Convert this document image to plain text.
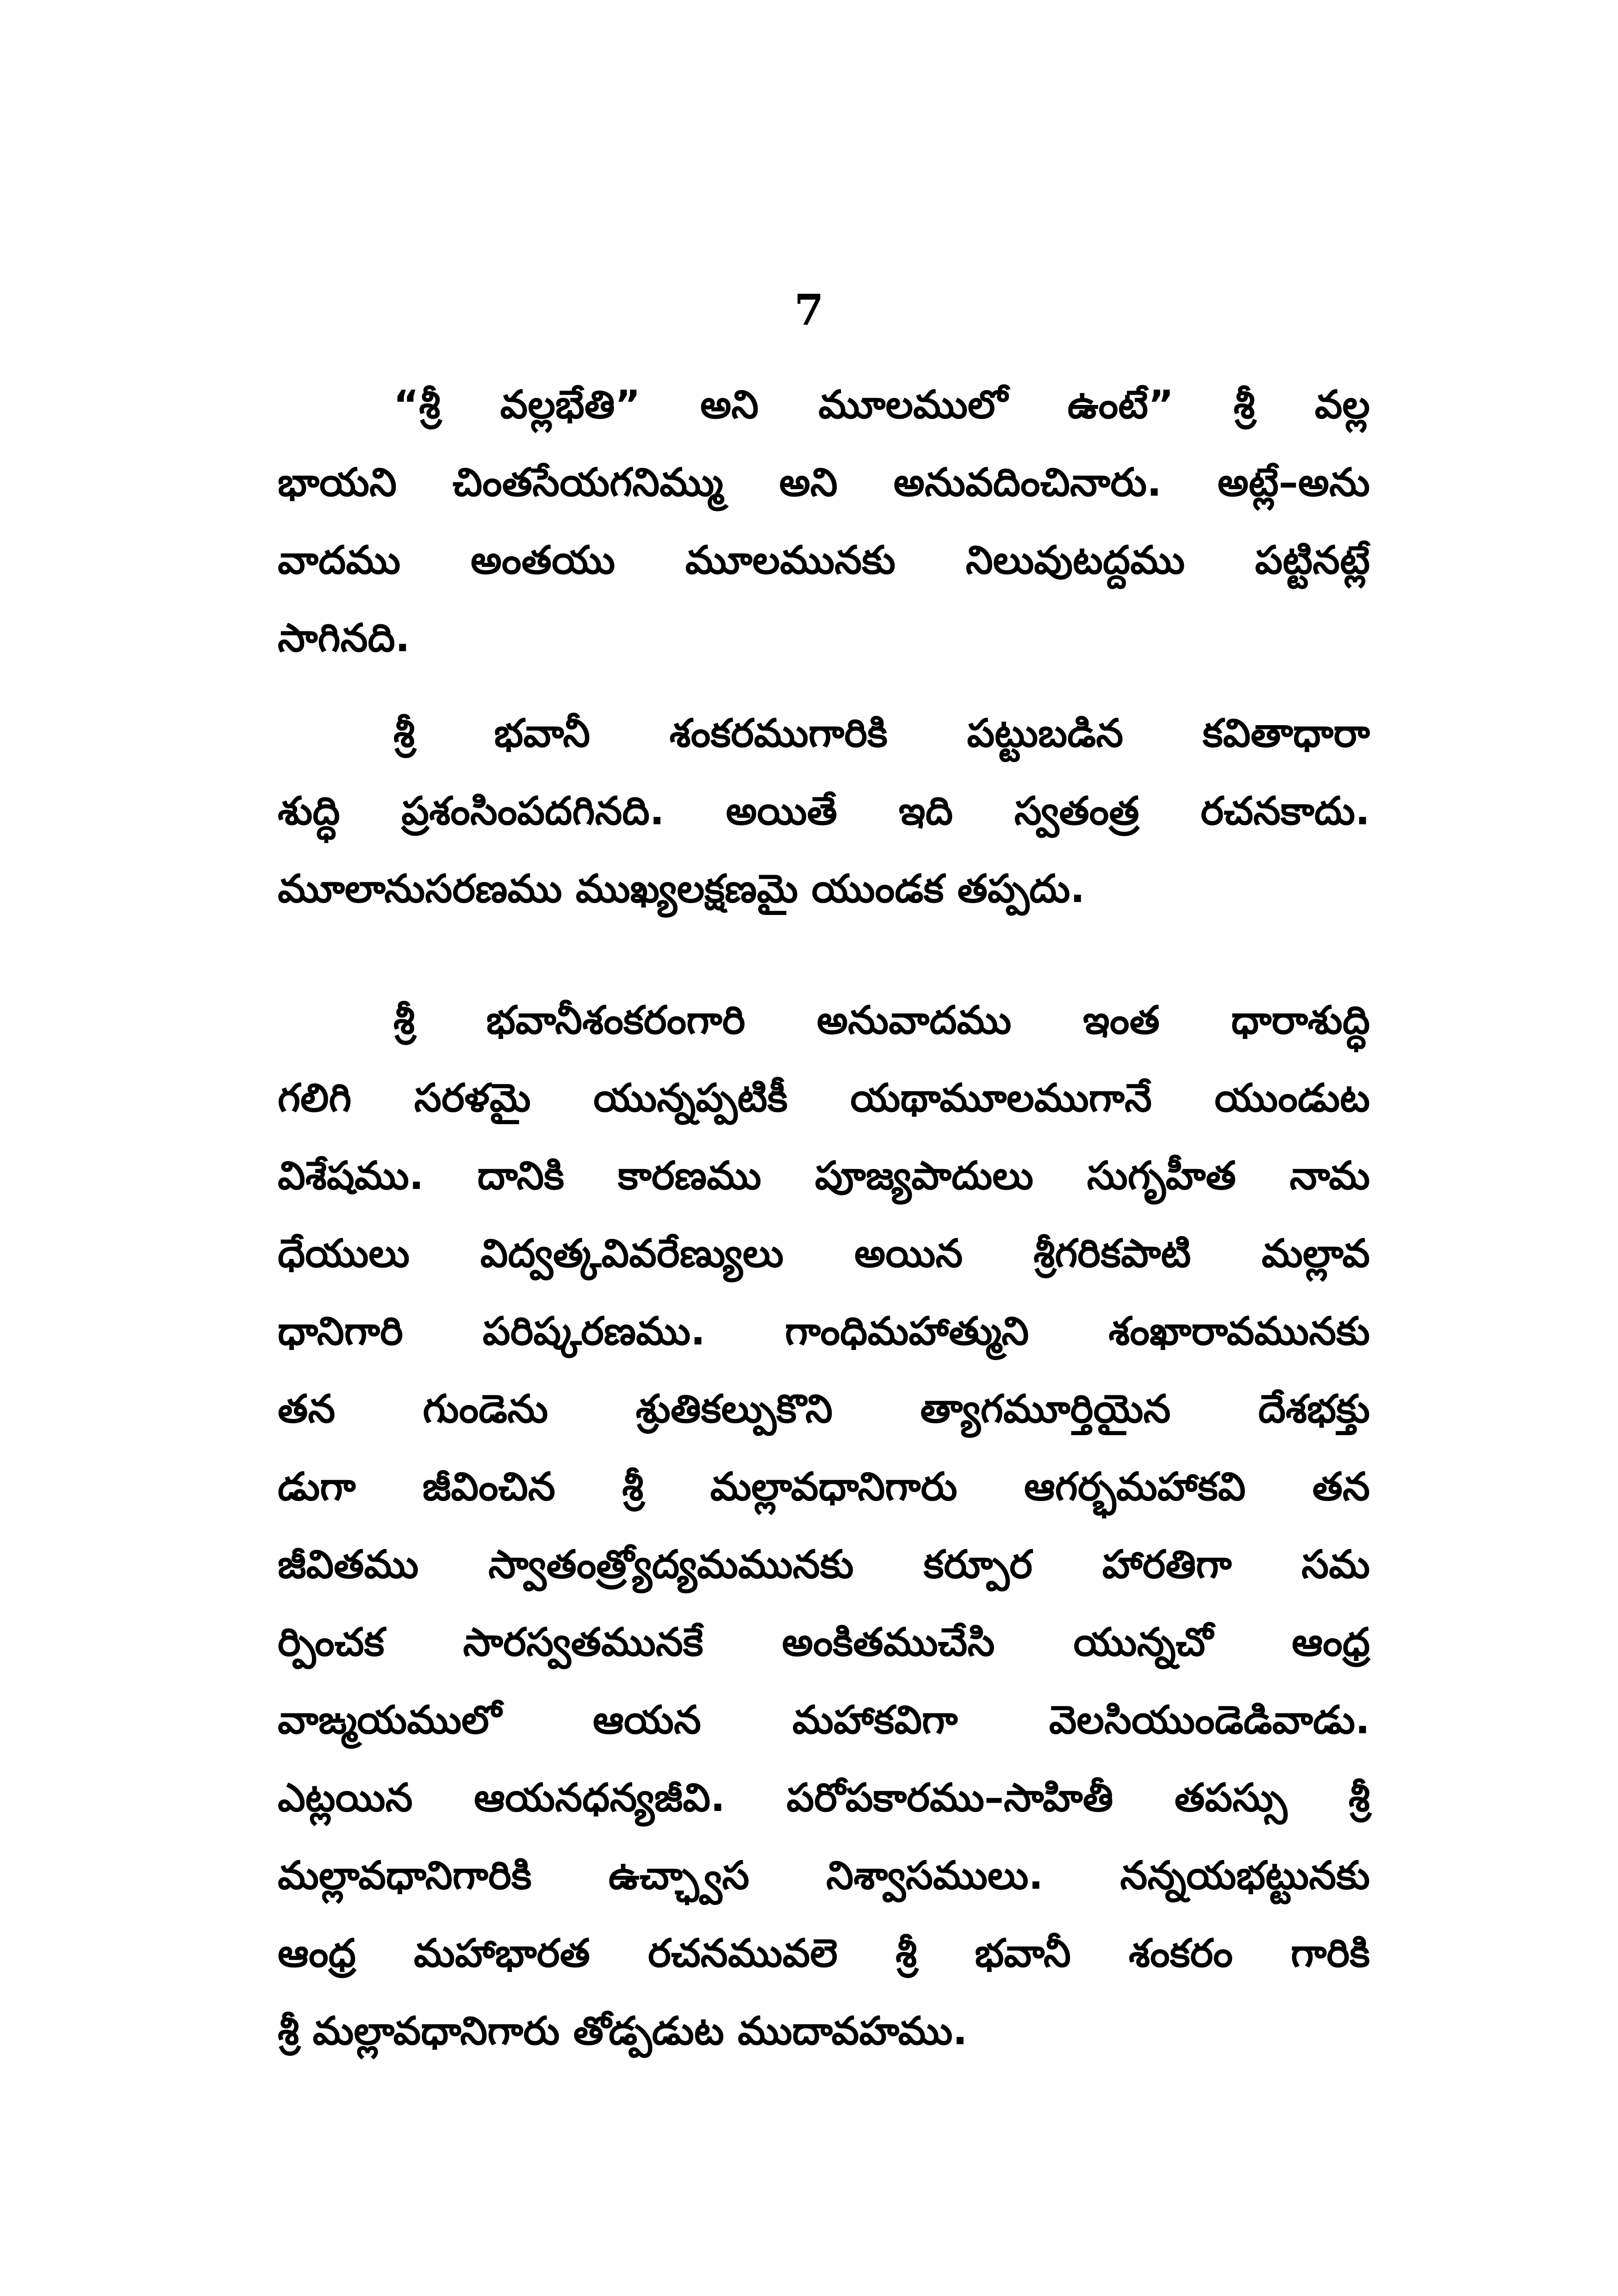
7
“శ్రీ వల్లభేతి” అని మూలములో ఉంటే” శ్రీ వల్ల
భాయని చింతసేయగనిమ్ము అని అనువదించినారు. అట్లే–అను
వాదము అంతయు మూలమునకు నిలువుటద్దము పట్టినట్లే
సాగినది.
శ్రీ భవానీ శంకరముగారికి పట్టుబడిన కవితాధారా
శుద్ధి ప్రశంసింపదగినది. అయితే ఇది స్వతంత్ర రచనకాదు.
మూలానుసరణము ముఖ్యలక్షణమై యుండక తప్పదు.
శ్రీ భవానీశంకరంగారి అనువాదము ఇంత ధారాశుద్ధి
గలిగి సరళమై యున్నప్పటికీ యథామూలముగానే యుండుట
విశేషము. దానికి కారణము పూజ్యపాదులు సుగృహీత నామ
ధేయులు విద్వత్కవివరేణ్యులు అయిన శ్రీగరికపాటి మల్లావ
ధానిగారి పరిష్కరణము. గాంధిమహాత్ముని శంఖారావమునకు
తన గుండెను శ్రుతికల్పుకొని త్యాగమూర్తియైన దేశభక్తు
డుగా జీవించిన శ్రీ మల్లావధానిగారు ఆగర్భమహాకవి తన
జీవితము స్వాతంత్ర్యోద్యమమునకు కర్పూర హారతిగా సమ
ర్పించక సారస్వతమునకే అంకితముచేసి యున్నచో ఆంధ్ర
వాఙ్మయములో ఆయన మహాకవిగా వెలసియుండెడివాడు.
ఎట్లయిన ఆయనధన్యజీవి. పరోపకారము–సాహితీ తపస్సు శ్రీ
మల్లావధానిగారికి ఉచ్ఛ్వాస నిశ్వాసములు. నన్నయభట్టునకు
ఆంధ్ర మహాభారత రచనమువలె శ్రీ భవానీ శంకరం గారికి
శ్రీ మల్లావధానిగారు తోడ్పడుట ముదావహము.
